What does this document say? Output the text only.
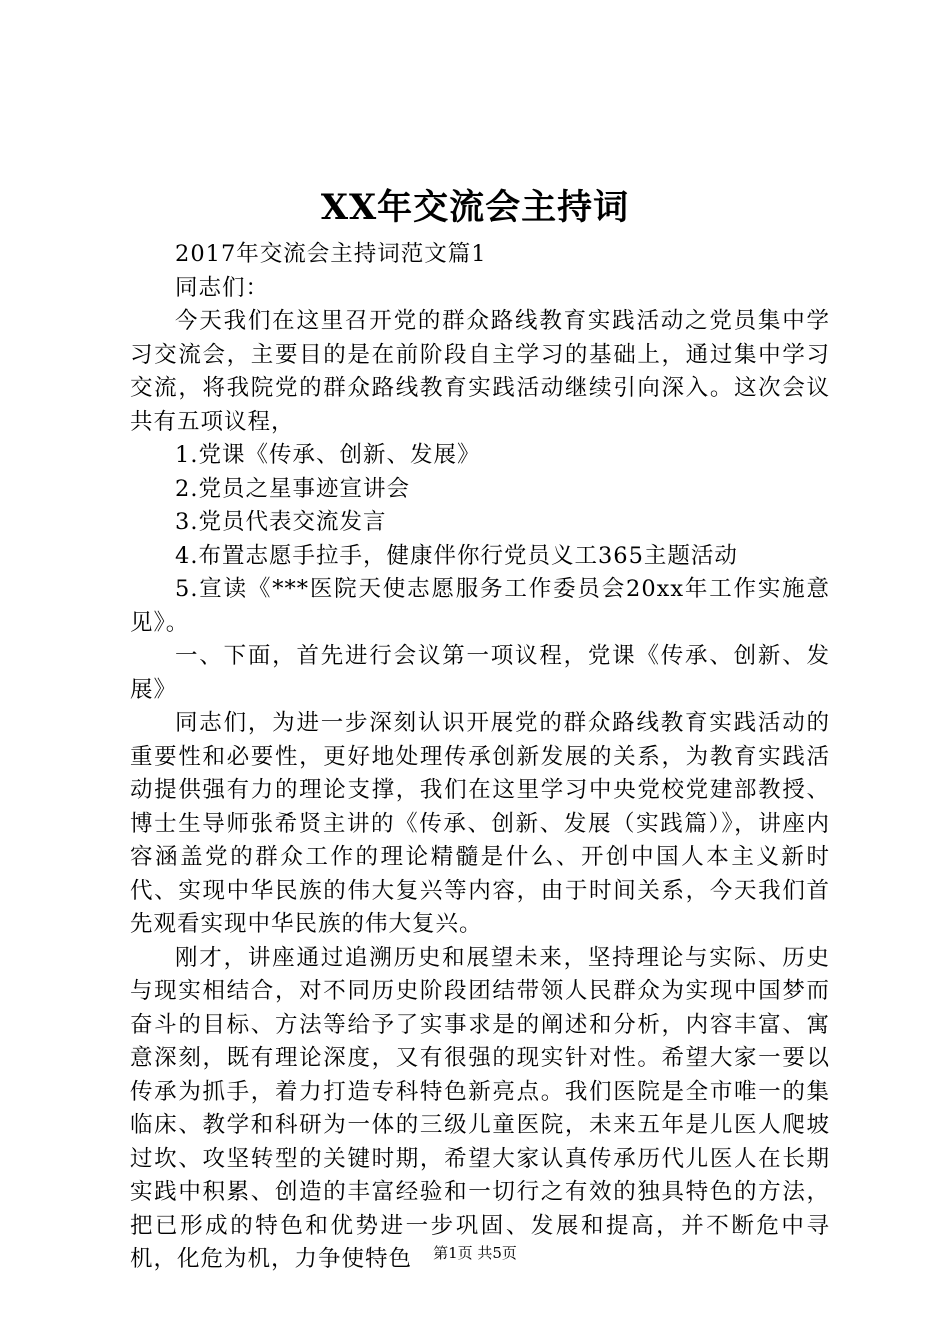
XX年交流会主持词

2017年交流会主持词范文篇1

同志们：

今天我们在这里召开党的群众路线教育实践活动之党员集中学习交流会，主要目的是在前阶段自主学习的基础上，通过集中学习交流，将我院党的群众路线教育实践活动继续引向深入。这次会议共有五项议程，

1.党课《传承、创新、发展》

2.党员之星事迹宣讲会

3.党员代表交流发言

4.布置志愿手拉手，健康伴你行党员义工365主题活动

5.宣读《***医院天使志愿服务工作委员会20xx年工作实施意见》。

一、下面，首先进行会议第一项议程，党课《传承、创新、发展》

同志们，为进一步深刻认识开展党的群众路线教育实践活动的重要性和必要性，更好地处理传承创新发展的关系，为教育实践活动提供强有力的理论支撑，我们在这里学习中央党校党建部教授、博士生导师张希贤主讲的《传承、创新、发展（实践篇）》，讲座内容涵盖党的群众工作的理论精髓是什么、开创中国人本主义新时代、实现中华民族的伟大复兴等内容，由于时间关系，今天我们首先观看实现中华民族的伟大复兴。

刚才，讲座通过追溯历史和展望未来，坚持理论与实际、历史与现实相结合，对不同历史阶段团结带领人民群众为实现中国梦而奋斗的目标、方法等给予了实事求是的阐述和分析，内容丰富、寓意深刻，既有理论深度，又有很强的现实针对性。希望大家一要以传承为抓手，着力打造专科特色新亮点。我们医院是全市唯一的集临床、教学和科研为一体的三级儿童医院，未来五年是儿医人爬坡过坎、攻坚转型的关键时期，希望大家认真传承历代儿医人在长期实践中积累、创造的丰富经验和一切行之有效的独具特色的方法，把已形成的特色和优势进一步巩固、发展和提高，并不断危中寻机，化危为机，力争使特色	第1页 共5页
